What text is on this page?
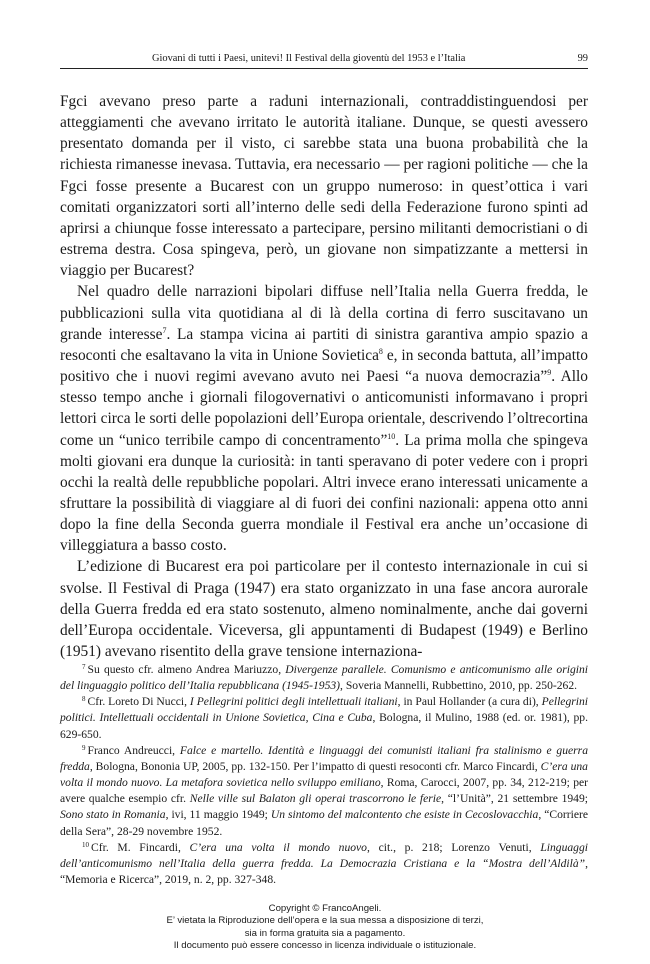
Giovani di tutti i Paesi, unitevi! Il Festival della gioventù del 1953 e l’Italia	99

Fgci avevano preso parte a raduni internazionali, contraddistinguendosi per atteggiamenti che avevano irritato le autorità italiane. Dunque, se questi avessero presentato domanda per il visto, ci sarebbe stata una buona probabilità che la richiesta rimanesse inevasa. Tuttavia, era necessario — per ragioni politiche — che la Fgci fosse presente a Bucarest con un gruppo numeroso: in quest’ottica i vari comitati organizzatori sorti all’interno delle sedi della Federazione furono spinti ad aprirsi a chiunque fosse interessato a partecipare, persino militanti democristiani o di estrema destra. Cosa spingeva, però, un giovane non simpatizzante a mettersi in viaggio per Bucarest?

Nel quadro delle narrazioni bipolari diffuse nell’Italia nella Guerra fredda, le pubblicazioni sulla vita quotidiana al di là della cortina di ferro suscitavano un grande interesse$^7$. La stampa vicina ai partiti di sinistra garantiva ampio spazio a resoconti che esaltavano la vita in Unione Sovietica$^8$ e, in seconda battuta, all’impatto positivo che i nuovi regimi avevano avuto nei Paesi “a nuova democrazia”$^9$. Allo stesso tempo anche i giornali filogovernativi o anticomunisti informavano i propri lettori circa le sorti delle popolazioni dell’Europa orientale, descrivendo l’oltrecortina come un “unico terribile campo di concentramento”$^{10}$. La prima molla che spingeva molti giovani era dunque la curiosità: in tanti speravano di poter vedere con i propri occhi la realtà delle repubbliche popolari. Altri invece erano interessati unicamente a sfruttare la possibilità di viaggiare al di fuori dei confini nazionali: appena otto anni dopo la fine della Seconda guerra mondiale il Festival era anche un’occasione di villeggiatura a basso costo.

L’edizione di Bucarest era poi particolare per il contesto internazionale in cui si svolse. Il Festival di Praga (1947) era stato organizzato in una fase ancora aurorale della Guerra fredda ed era stato sostenuto, almeno nominalmente, anche dai governi dell’Europa occidentale. Viceversa, gli appuntamenti di Budapest (1949) e Berlino (1951) avevano risentito della grave tensione internaziona-

$^7$ Su questo cfr. almeno Andrea Mariuzzo, Divergenze parallele. Comunismo e anticomunismo alle origini del linguaggio politico dell’Italia repubblicana (1945-1953), Soveria Mannelli, Rubbettino, 2010, pp. 250-262.

$^8$ Cfr. Loreto Di Nucci, I Pellegrini politici degli intellettuali italiani, in Paul Hollander (a cura di), Pellegrini politici. Intellettuali occidentali in Unione Sovietica, Cina e Cuba, Bologna, il Mulino, 1988 (ed. or. 1981), pp. 629-650.

$^9$ Franco Andreucci, Falce e martello. Identità e linguaggi dei comunisti italiani fra stalinismo e guerra fredda, Bologna, Bononia UP, 2005, pp. 132-150. Per l’impatto di questi resoconti cfr. Marco Fincardi, C’era una volta il mondo nuovo. La metafora sovietica nello sviluppo emiliano, Roma, Carocci, 2007, pp. 34, 212-219; per avere qualche esempio cfr. Nelle ville sul Balaton gli operai trascorrono le ferie, “l’Unità”, 21 settembre 1949; Sono stato in Romania, ivi, 11 maggio 1949; Un sintomo del malcontento che esiste in Cecoslovacchia, “Corriere della Sera”, 28-29 novembre 1952.

$^{10}$ Cfr. M. Fincardi, C’era una volta il mondo nuovo, cit., p. 218; Lorenzo Venuti, Linguaggi dell’anticomunismo nell’Italia della guerra fredda. La Democrazia Cristiana e la “Mostra dell’Aldilà”, “Memoria e Ricerca”, 2019, n. 2, pp. 327-348.

Copyright © FrancoAngeli.
E’ vietata la Riproduzione dell’opera e la sua messa a disposizione di terzi,
sia in forma gratuita sia a pagamento.
Il documento può essere concesso in licenza individuale o istituzionale.
